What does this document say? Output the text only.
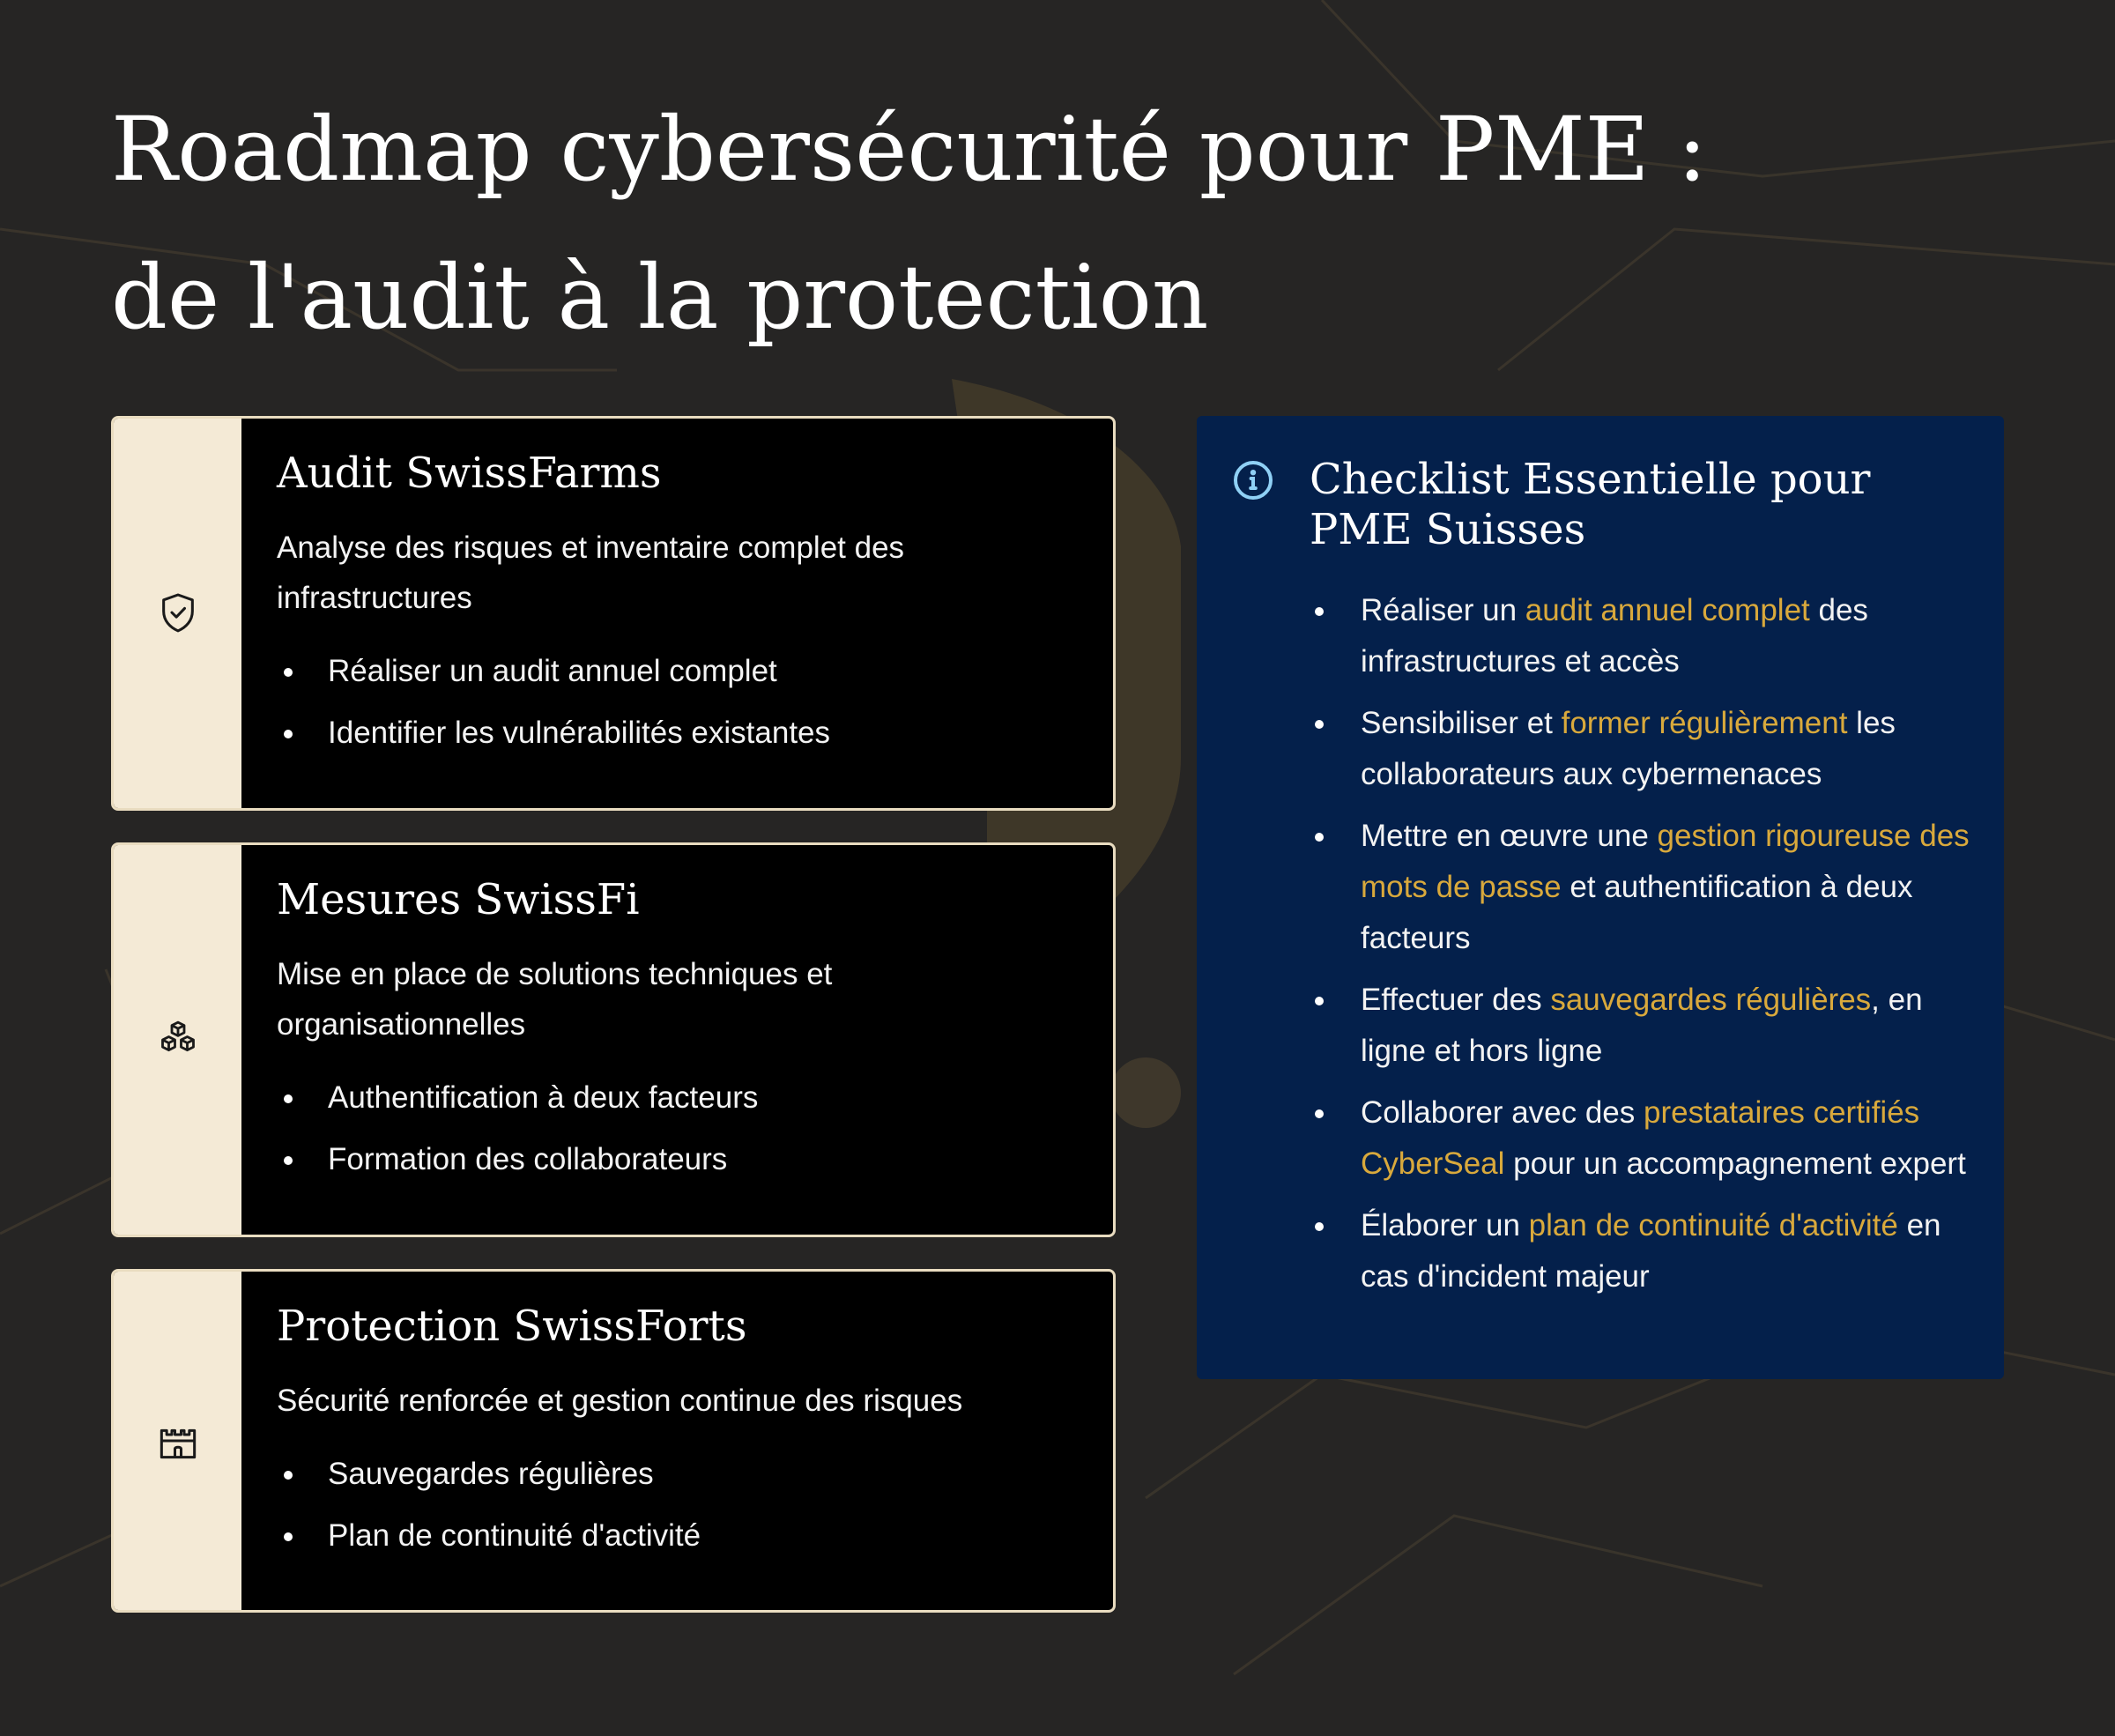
Roadmap cybersécurité pour PME :
de l'audit à la protection
Audit SwissFarms

Analyse des risques et inventaire complet des infrastructures

Réaliser un audit annuel complet
Identifier les vulnérabilités existantes
Mesures SwissFi

Mise en place de solutions techniques et organisationnelles

Authentification à deux facteurs
Formation des collaborateurs
Protection SwissForts

Sécurité renforcée et gestion continue des risques

Sauvegardes régulières
Plan de continuité d'activité
Checklist Essentielle pour PME Suisses
Réaliser un audit annuel complet des infrastructures et accès
Sensibiliser et former régulièrement les collaborateurs aux cybermenaces
Mettre en œuvre une gestion rigoureuse des mots de passe et authentification à deux facteurs
Effectuer des sauvegardes régulières, en ligne et hors ligne
Collaborer avec des prestataires certifiés CyberSeal pour un accompagnement expert
Élaborer un plan de continuité d'activité en cas d'incident majeur
